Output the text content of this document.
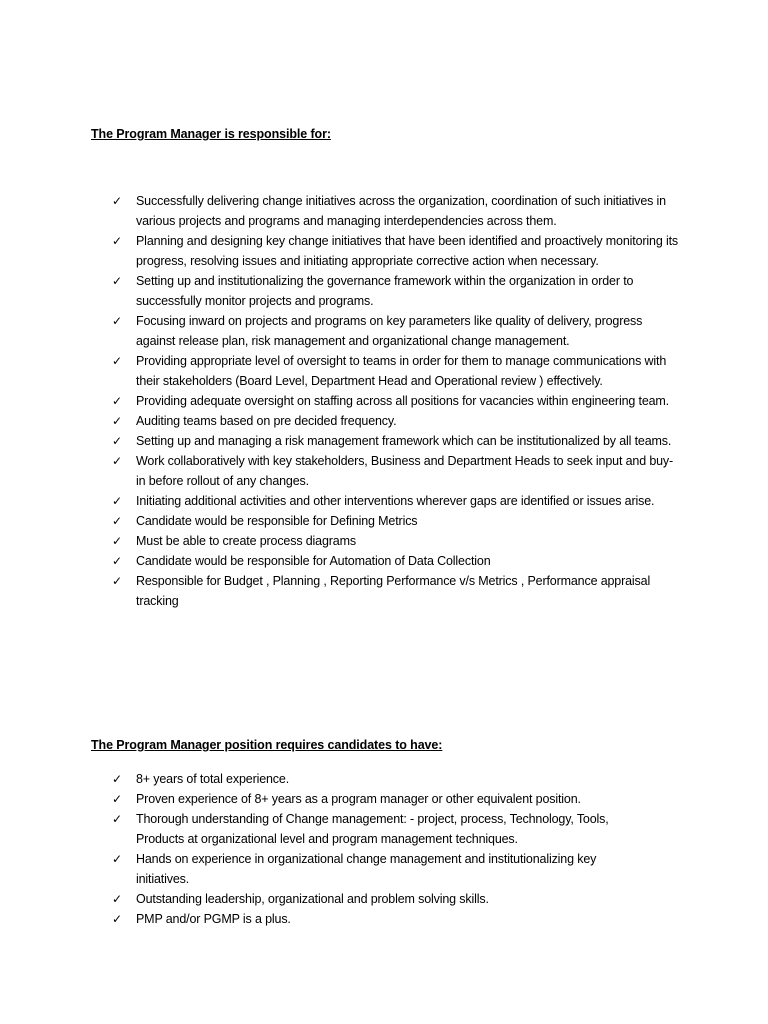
The Program Manager is responsible for:
✓	Successfully delivering change initiatives across the organization, coordination of such initiatives in various projects and programs and managing interdependencies across them.
✓	Planning and designing key change initiatives that have been identified and proactively monitoring its progress, resolving issues and initiating appropriate corrective action when necessary.
✓	Setting up and institutionalizing the governance framework within the organization in order to successfully monitor projects and programs.
✓	Focusing inward on projects and programs on key parameters like quality of delivery, progress against release plan, risk management and organizational change management.
✓	Providing appropriate level of oversight to teams in order for them to manage communications with their stakeholders (Board Level, Department Head and Operational review ) effectively.
✓	Providing adequate oversight on staffing across all positions for vacancies within engineering team.
✓	Auditing teams based on pre decided frequency.
✓	Setting up and managing a risk management framework which can be institutionalized by all teams.
✓	Work collaboratively with key stakeholders, Business and Department Heads to seek input and buy-in before rollout of any changes.
✓	Initiating additional activities and other interventions wherever gaps are identified or issues arise.
✓	Candidate would be responsible for Defining Metrics
✓	Must be able to create process diagrams
✓	Candidate would be responsible for Automation of Data Collection
✓	Responsible for Budget , Planning , Reporting Performance v/s Metrics , Performance appraisal tracking
The Program Manager position requires candidates to have:
✓	8+ years of total experience.
✓	Proven experience of 8+ years as a program manager or other equivalent position.
✓	Thorough understanding of Change management: - project, process, Technology, Tools, Products at organizational level and program management techniques.
✓	Hands on experience in organizational change management and institutionalizing key initiatives.
✓	Outstanding leadership, organizational and problem solving skills.
✓	PMP and/or PGMP is a plus.
